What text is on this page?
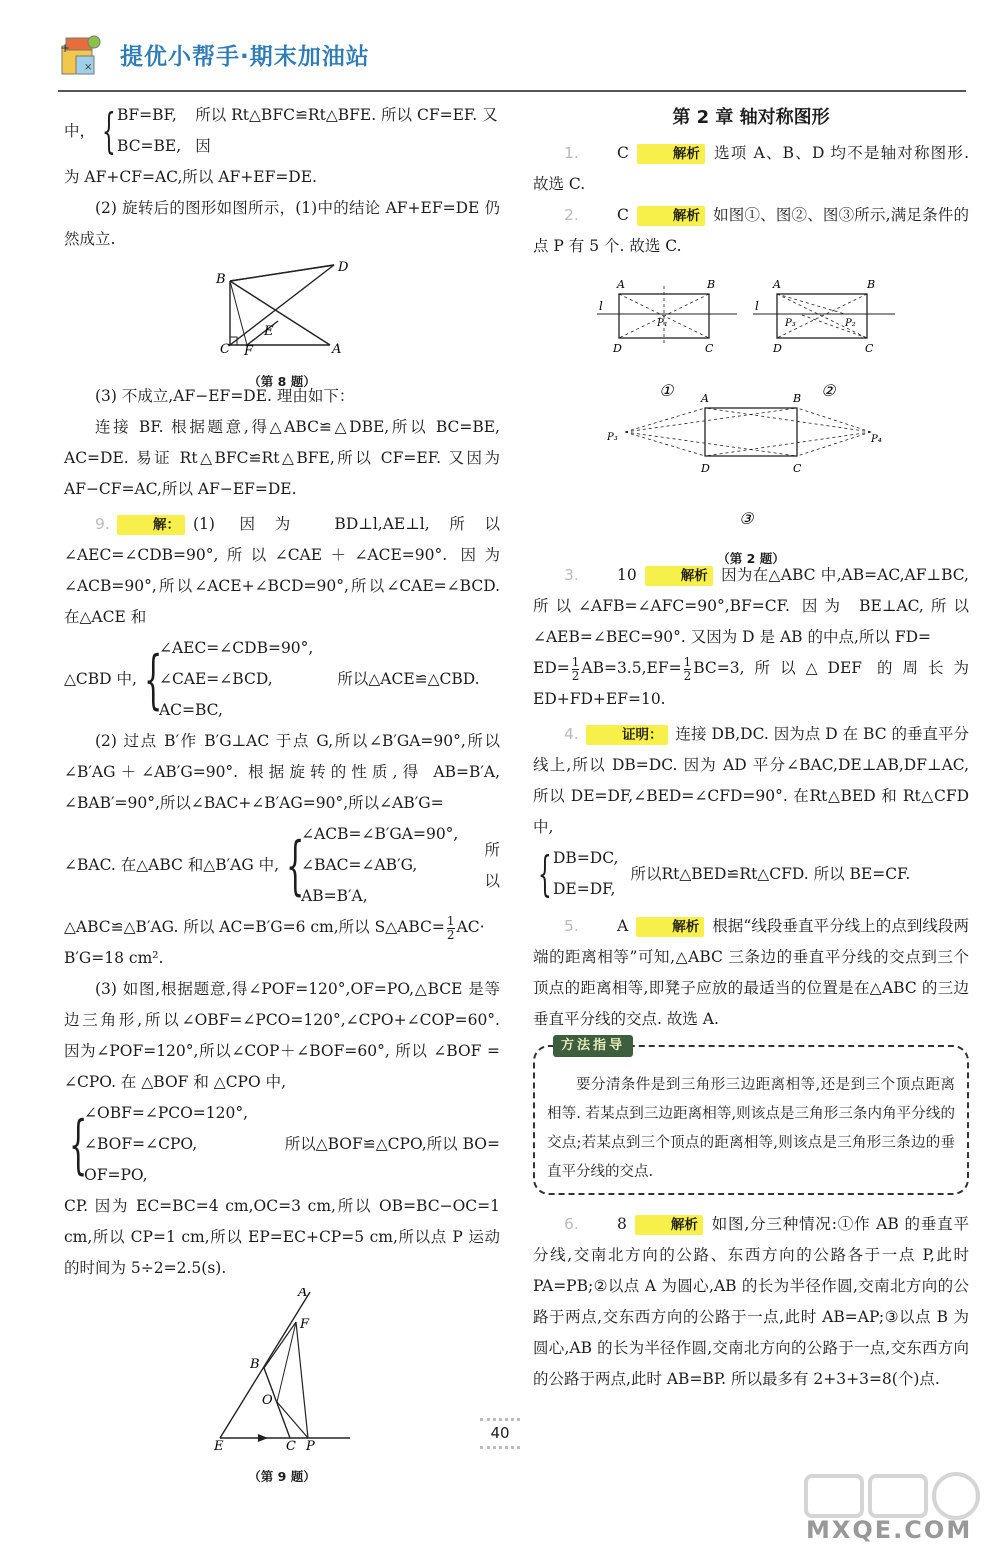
+
× 提优小帮手·期末加油站
中， { BF=BF,
BC=BE,
所以 Rt△BFC≌Rt△BFE. 所以 CF=EF. 又因

为 AF+CF=AC,所以 AF+EF=DE.

(2) 旋转后的图形如图所示，(1)中的结论 AF+EF=DE 仍然成立.

B
D
E
C F	A
（第 8 题）

(3) 不成立,AF−EF=DE. 理由如下：

连接 BF. 根据题意,得△ABC≌△DBE,所以 BC=BE, AC=DE. 易证 Rt△BFC≌Rt△BFE,所以 CF=EF. 又因为 AF−CF=AC,所以 AF−EF=DE.

9.	解： (1) 因为 BD⊥l,AE⊥l,所以∠AEC=∠CDB=90°,所以∠CAE＋∠ACE=90°. 因为∠ACB=90°,所以∠ACE+∠BCD=90°,所以∠CAE=∠BCD. 在△ACE 和

△CBD 中, {
∠AEC=∠CDB=90°,
∠CAE=∠BCD,
AC=BC,
所以△ACE≌△CBD.

(2) 过点 B′作 B′G⊥AC 于点 G,所以∠B′GA=90°,所以∠B′AG＋∠AB′G=90°. 根据旋转的性质,得 AB=B′A, ∠BAB′=90°,所以∠BAC+∠B′AG=90°,所以∠AB′G=

∠BAC. 在△ABC 和△B′AG 中, {
∠ACB=∠B′GA=90°,
∠BAC=∠AB′G,
AB=B′A,
所以

△ABC≌△B′AG. 所以 AC=B′G=6 cm,所以 S△ABC= $\frac{1}{2} AC\cdot$

B′G=18 cm².

(3) 如图,根据题意,得∠POF=120°,OF=PO,△BCE 是等边三角形,所以∠OBF=∠PCO=120°,∠CPO+∠COP=60°. 因为∠POF=120°,所以∠COP＋∠BOF=60°, 所以 ∠BOF = ∠CPO. 在 △BOF 和 △CPO 中,

{
∠OBF=∠PCO=120°,
∠BOF=∠CPO,
OF=PO,
所以△BOF≌△CPO,所以 BO=

CP. 因为 EC=BC=4 cm,OC=3 cm,所以 OB=BC−OC=1 cm,所以 CP=1 cm,所以 EP=EC+CP=5 cm,所以点 P 运动的时间为 5÷2=2.5(s).

A
F
B
O
E	C P
（第 9 题）
第 2 章 轴对称图形

1. C	解析 选项 A、B、D 均不是轴对称图形. 故选 C.

2. C	解析 如图①、图②、图③所示,满足条件的点 P 有 5 个. 故选 C.

A	B
D	C
l
P₁
A	B
D	C
l
P₃	P₂
①	②
③
A	B
D	C
P₃	P₄
（第 2 题）

3. 10	解析 因为在△ABC 中,AB=AC,AF⊥BC, 所以∠AFB=∠AFC=90°,BF=CF. 因为 BE⊥AC,所以∠AEB=∠BEC=90°. 又因为 D 是 AB 的中点,所以 FD=

$ED= \frac{1}{2} AB=3.5,EF= \frac{1}{2} BC=3$,所以△DEF 的周长为 ED+FD+EF=10.

4.	证明： 连接 DB,DC. 因为点 D 在 BC 的垂直平分线上,所以 DB=DC. 因为 AD 平分∠BAC,DE⊥AB,DF⊥AC,所以 DE=DF,∠BED=∠CFD=90°. 在Rt△BED 和 Rt△CFD 中,

{ DB=DC,
DE=DF,
所以Rt△BED≌Rt△CFD. 所以 BE=CF.

5. A	解析 根据“线段垂直平分线上的点到线段两端的距离相等”可知,△ABC 三条边的垂直平分线的交点到三个顶点的距离相等,即凳子应放的最适当的位置是在△ABC 的三边垂直平分线的交点. 故选 A.

方法指导

要分清条件是到三角形三边距离相等,还是到三个顶点距离相等. 若某点到三边距离相等,则该点是三角形三条内角平分线的交点;若某点到三个顶点的距离相等,则该点是三角形三条边的垂直平分线的交点.

6. 8	解析 如图,分三种情况:①作 AB 的垂直平分线,交南北方向的公路、东西方向的公路各于一点 P,此时 PA=PB;②以点 A 为圆心,AB 的长为半径作圆,交南北方向的公路于两点,交东西方向的公路于一点,此时 AB=AP;③以点 B 为圆心,AB 的长为半径作圆,交南北方向的公路于一点,交东西方向的公路于两点,此时 AB=BP. 所以最多有 2+3+3=8(个)点.

40
MXQE.COM
